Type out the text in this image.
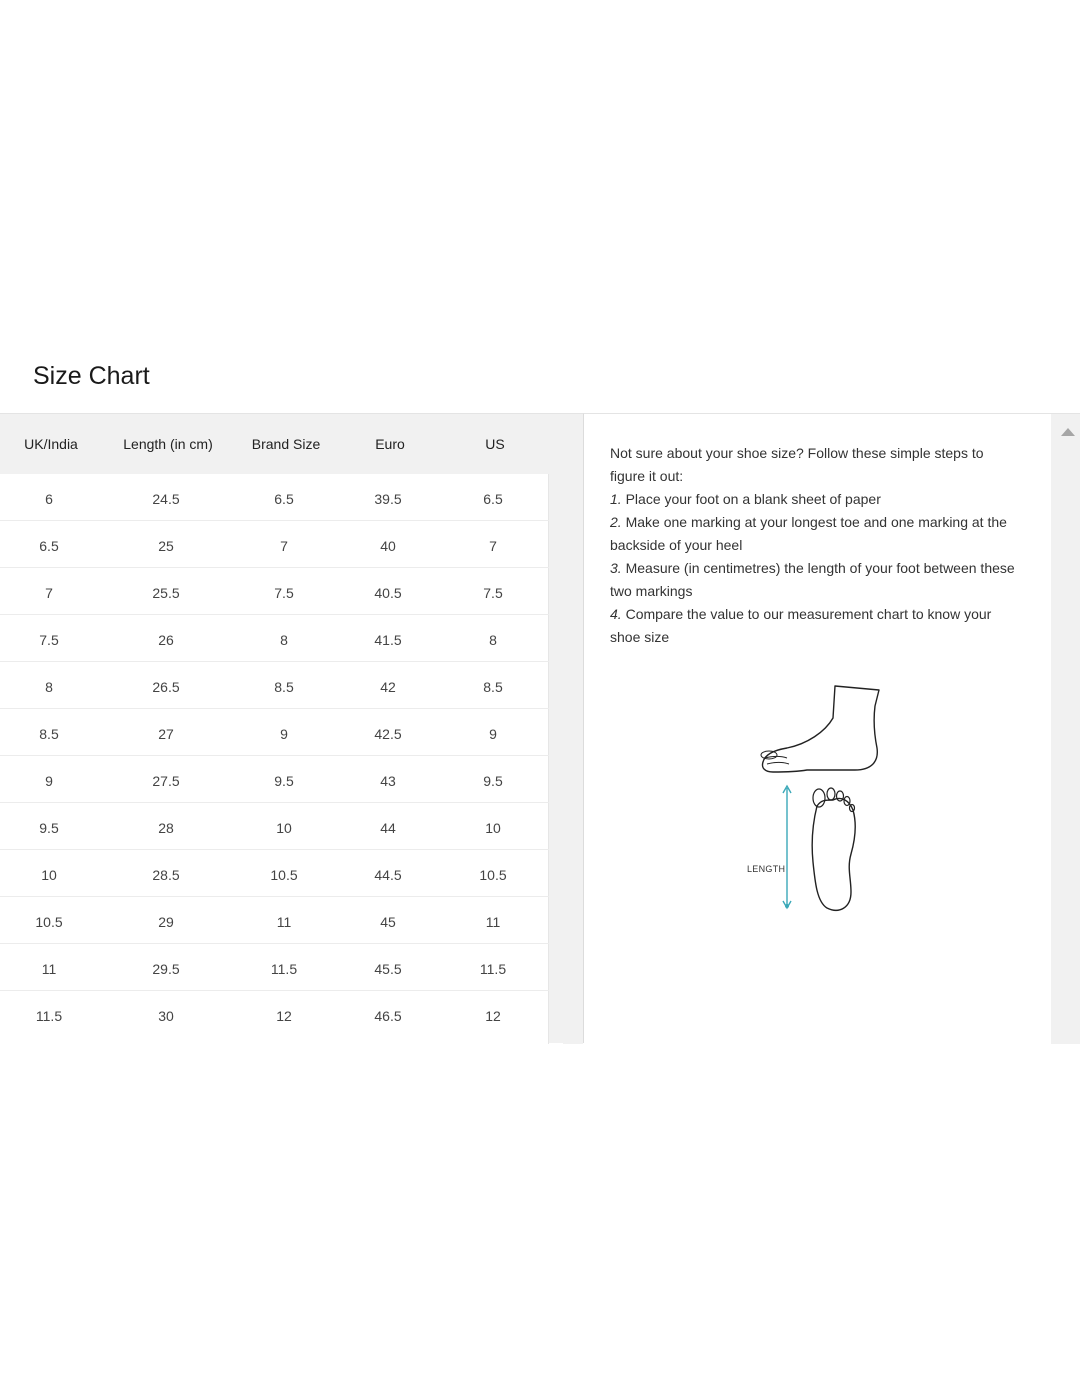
Size Chart
UK/India	Length (in cm)	Brand Size	Euro	US
6	24.5	6.5	39.5	6.5
6.5	25	7	40	7
7	25.5	7.5	40.5	7.5
7.5	26	8	41.5	8
8	26.5	8.5	42	8.5
8.5	27	9	42.5	9
9	27.5	9.5	43	9.5
9.5	28	10	44	10
10	28.5	10.5	44.5	10.5
10.5	29	11	45	11
11	29.5	11.5	45.5	11.5
11.5	30	12	46.5	12
Not sure about your shoe size? Follow these simple steps to figure it out:
1. Place your foot on a blank sheet of paper
2. Make one marking at your longest toe and one marking at the backside of your heel
3. Measure (in centimetres) the length of your foot between these two markings
4. Compare the value to our measurement chart to know your shoe size
LENGTH
